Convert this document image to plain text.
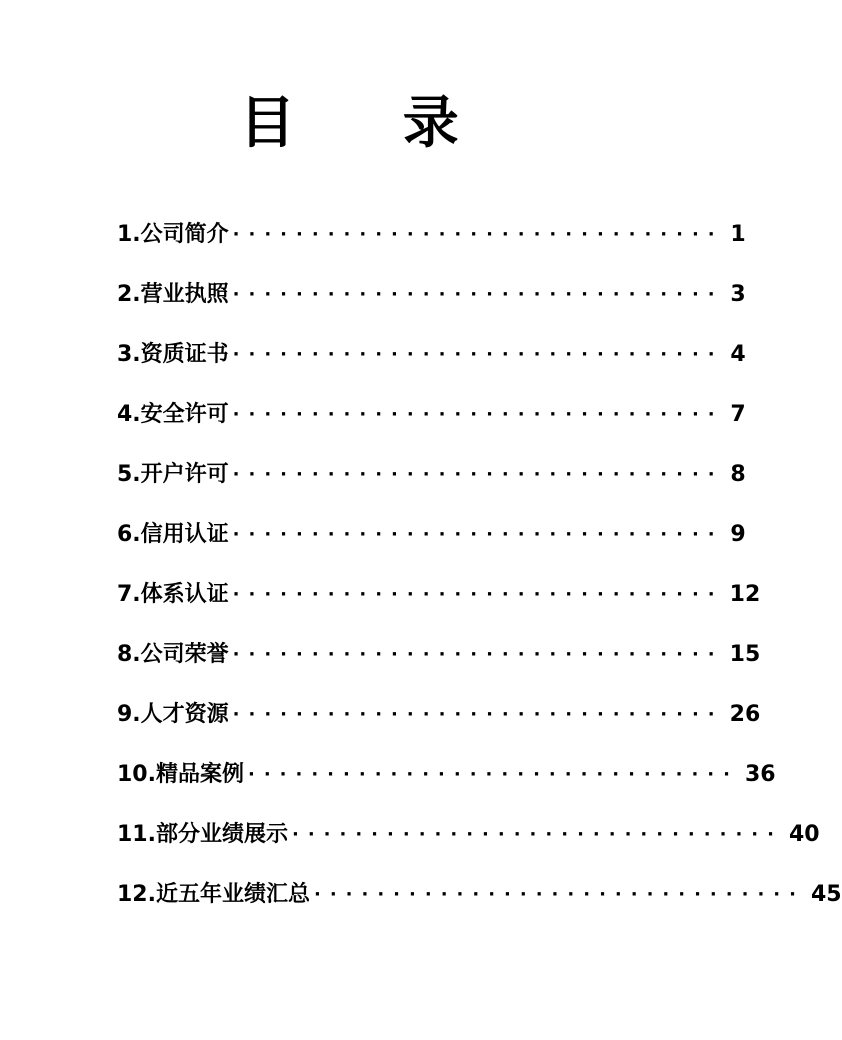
目 录
1.公司简介 ······························· 1
2.营业执照 ······························· 3
3.资质证书 ······························· 4
4.安全许可 ······························· 7
5.开户许可 ······························· 8
6.信用认证 ······························· 9
7.体系认证 ······························· 12
8.公司荣誉 ······························· 15
9.人才资源 ······························· 26
10.精品案例 ······························· 36
11.部分业绩展示 ······························· 40
12.近五年业绩汇总 ······························· 45
